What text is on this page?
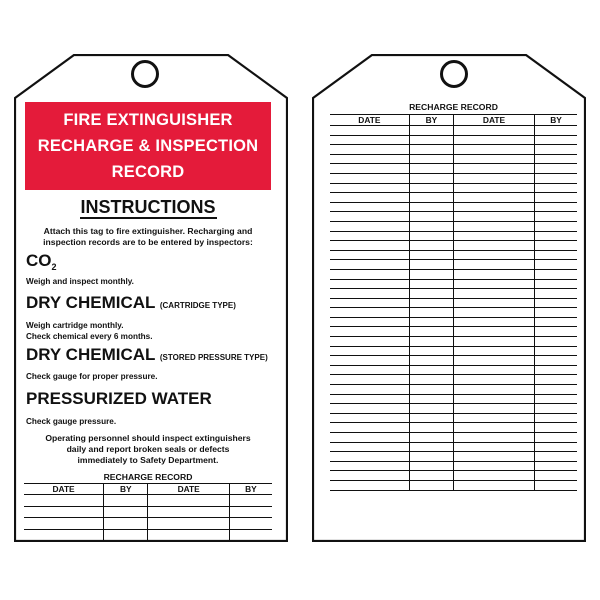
FIRE EXTINGUISHER
RECHARGE & INSPECTION
RECORD
INSTRUCTIONS
Attach this tag to fire extinguisher. Recharging and
inspection records are to be entered by inspectors:
$CO_2$
Weigh and inspect monthly.
DRY CHEMICAL (CARTRIDGE TYPE)
Weigh cartridge monthly.
Check chemical every 6 months.
DRY CHEMICAL (STORED PRESSURE TYPE)
Check gauge for proper pressure.
PRESSURIZED WATER
Check gauge pressure.
Operating personnel should inspect extinguishers
daily and report broken seals or defects
immediately to Safety Department.
RECHARGE RECORD
DATE	BY	DATE	BY

RECHARGE RECORD
DATE	BY	DATE	BY
